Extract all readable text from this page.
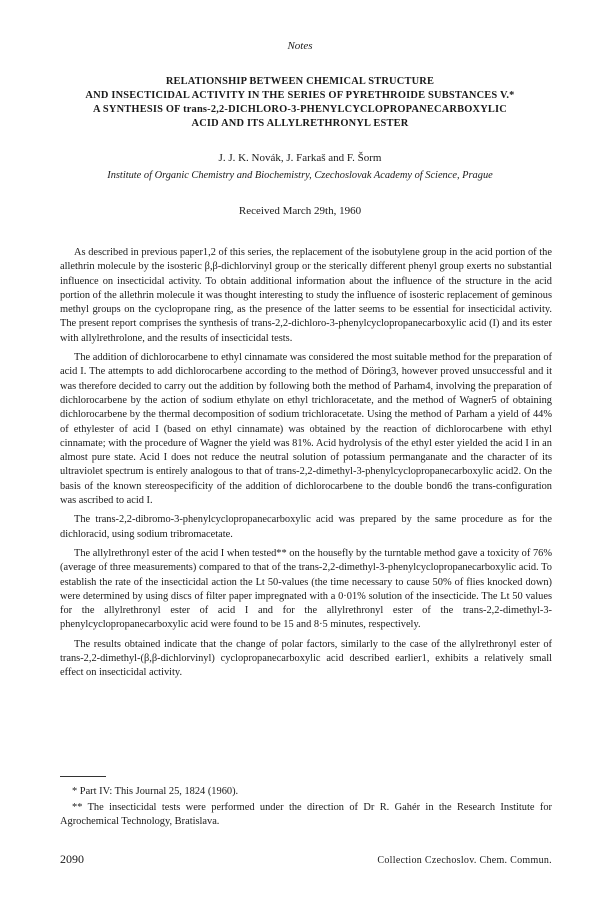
Notes
RELATIONSHIP BETWEEN CHEMICAL STRUCTURE
AND INSECTICIDAL ACTIVITY IN THE SERIES OF PYRETHROIDE SUBSTANCES V.*
A SYNTHESIS OF trans-2,2-DICHLORO-3-PHENYLCYCLOPROPANECARBOXYLIC
ACID AND ITS ALLYLRETHRONYL ESTER
J. J. K. Novák, J. Farkaš and F. Šorm
Institute of Organic Chemistry and Biochemistry, Czechoslovak Academy of Science, Prague
Received March 29th, 1960

As described in previous paper1,2 of this series, the replacement of the isobutylene group in the acid portion of the allethrin molecule by the isosteric β,β-dichlorvinyl group or the sterically different phenyl group exerts no substantial influence on insecticidal activity. To obtain additional information about the influence of the structure in the acid portion of the allethrin molecule it was thought interesting to study the influence of isosteric replacement of geminous methyl groups on the cyclopropane ring, as the presence of the latter seems to be essential for insecticidal activity. The present report comprises the synthesis of trans-2,2-dichloro-3-phenylcyclopropanecarboxylic acid (I) and its ester with allylrethrolone, and the results of insecticidal tests.

The addition of dichlorocarbene to ethyl cinnamate was considered the most suitable method for the preparation of acid I. The attempts to add dichlorocarbene according to the method of Döring3, however proved unsuccessful and it was therefore decided to carry out the addition by following both the method of Parham4, involving the preparation of dichlorocarbene by the action of sodium ethylate on ethyl trichloracetate, and the method of Wagner5 of obtaining dichlorocarbene by the thermal decomposition of sodium trichloracetate. Using the method of Parham a yield of 44% of ethylester of acid I (based on ethyl cinnamate) was obtained by the reaction of dichlorocarbene with ethyl cinnamate; with the procedure of Wagner the yield was 81%. Acid hydrolysis of the ethyl ester yielded the acid I in an almost pure state. Acid I does not reduce the neutral solution of potassium permanganate and the character of its ultraviolet spectrum is entirely analogous to that of trans-2,2-dimethyl-3-phenylcyclopropanecarboxylic acid2. On the basis of the known stereospecificity of the addition of dichlorocarbene to the double bond6 the trans-configuration was ascribed to acid I.

The trans-2,2-dibromo-3-phenylcyclopropanecarboxylic acid was prepared by the same procedure as for the dichloracid, using sodium tribromacetate.

The allylrethronyl ester of the acid I when tested** on the housefly by the turntable method gave a toxicity of 76% (average of three measurements) compared to that of the trans-2,2-dimethyl-3-phenylcyclopropanecarboxylic acid. To establish the rate of the insecticidal action the Lt 50-values (the time necessary to cause 50% of flies knocked down) were determined by using discs of filter paper impregnated with a 0·01% solution of the insecticide. The Lt 50 values for the allylrethronyl ester of acid I and for the allylrethronyl ester of the trans-2,2-dimethyl-3-phenylcyclopropanecarboxylic acid were found to be 15 and 8·5 minutes, respectively.

The results obtained indicate that the change of polar factors, similarly to the case of the allylrethronyl ester of trans-2,2-dimethyl-(β,β-dichlorvinyl) cyclopropanecarboxylic acid described earlier1, exhibits a relatively small effect on insecticidal activity.

* Part IV: This Journal 25, 1824 (1960).

** The insecticidal tests were performed under the direction of Dr R. Gahér in the Research Institute for Agrochemical Technology, Bratislava.

2090	Collection Czechoslov. Chem. Commun.
